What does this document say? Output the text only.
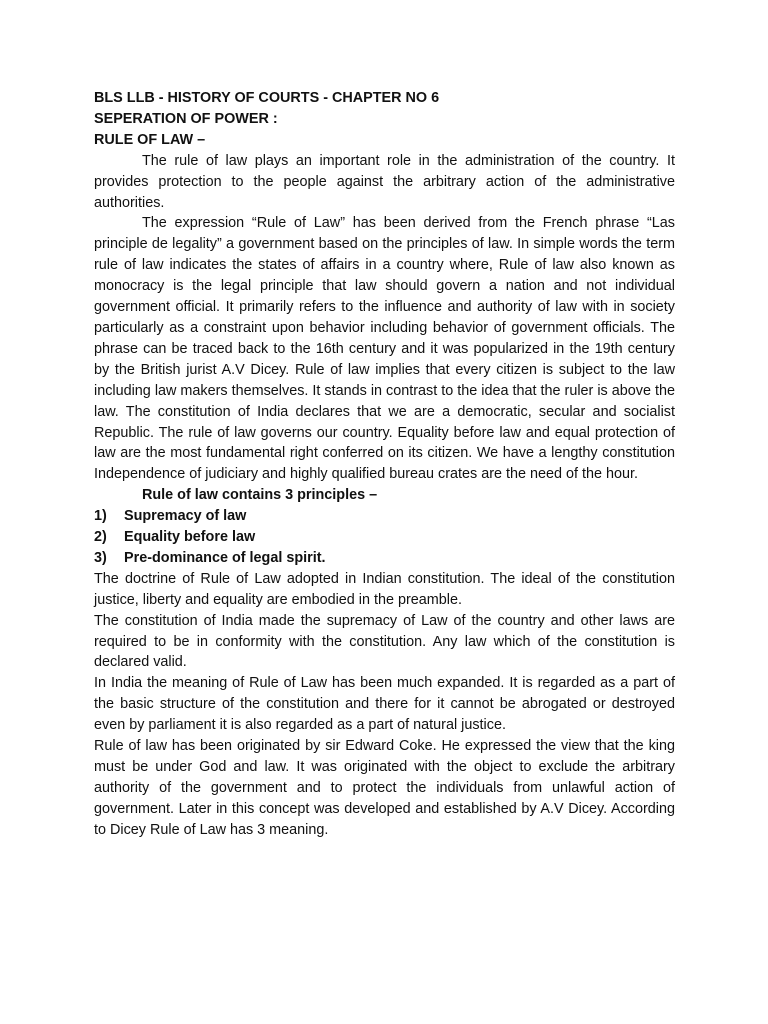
BLS LLB - HISTORY OF COURTS - CHAPTER NO 6
SEPERATION OF POWER :
RULE OF LAW –

The rule of law plays an important role in the administration of the country. It provides protection to the people against the arbitrary action of the administrative authorities.

The expression “Rule of Law” has been derived from the French phrase “Las principle de legality” a government based on the principles of law. In simple words the term rule of law indicates the states of affairs in a country where, Rule of law also known as monocracy is the legal principle that law should govern a nation and not individual government official. It primarily refers to the influence and authority of law with in society particularly as a constraint upon behavior including behavior of government officials. The phrase can be traced back to the 16th century and it was popularized in the 19th century by the British jurist A.V Dicey. Rule of law implies that every citizen is subject to the law including law makers themselves. It stands in contrast to the idea that the ruler is above the law. The constitution of India declares that we are a democratic, secular and socialist Republic. The rule of law governs our country. Equality before law and equal protection of law are the most fundamental right conferred on its citizen. We have a lengthy constitution Independence of judiciary and highly qualified bureau crates are the need of the hour.

Rule of law contains 3 principles –
1)	Supremacy of law
2)	Equality before law
3)	Pre-dominance of legal spirit.

The doctrine of Rule of Law adopted in Indian constitution. The ideal of the constitution justice, liberty and equality are embodied in the preamble.

The constitution of India made the supremacy of Law of the country and other laws are required to be in conformity with the constitution. Any law which of the constitution is declared valid.

In India the meaning of Rule of Law has been much expanded. It is regarded as a part of the basic structure of the constitution and there for it cannot be abrogated or destroyed even by parliament it is also regarded as a part of natural justice.

Rule of law has been originated by sir Edward Coke. He expressed the view that the king must be under God and law. It was originated with the object to exclude the arbitrary authority of the government and to protect the individuals from unlawful action of government. Later in this concept was developed and established by A.V Dicey. According to Dicey Rule of Law has 3 meaning.
